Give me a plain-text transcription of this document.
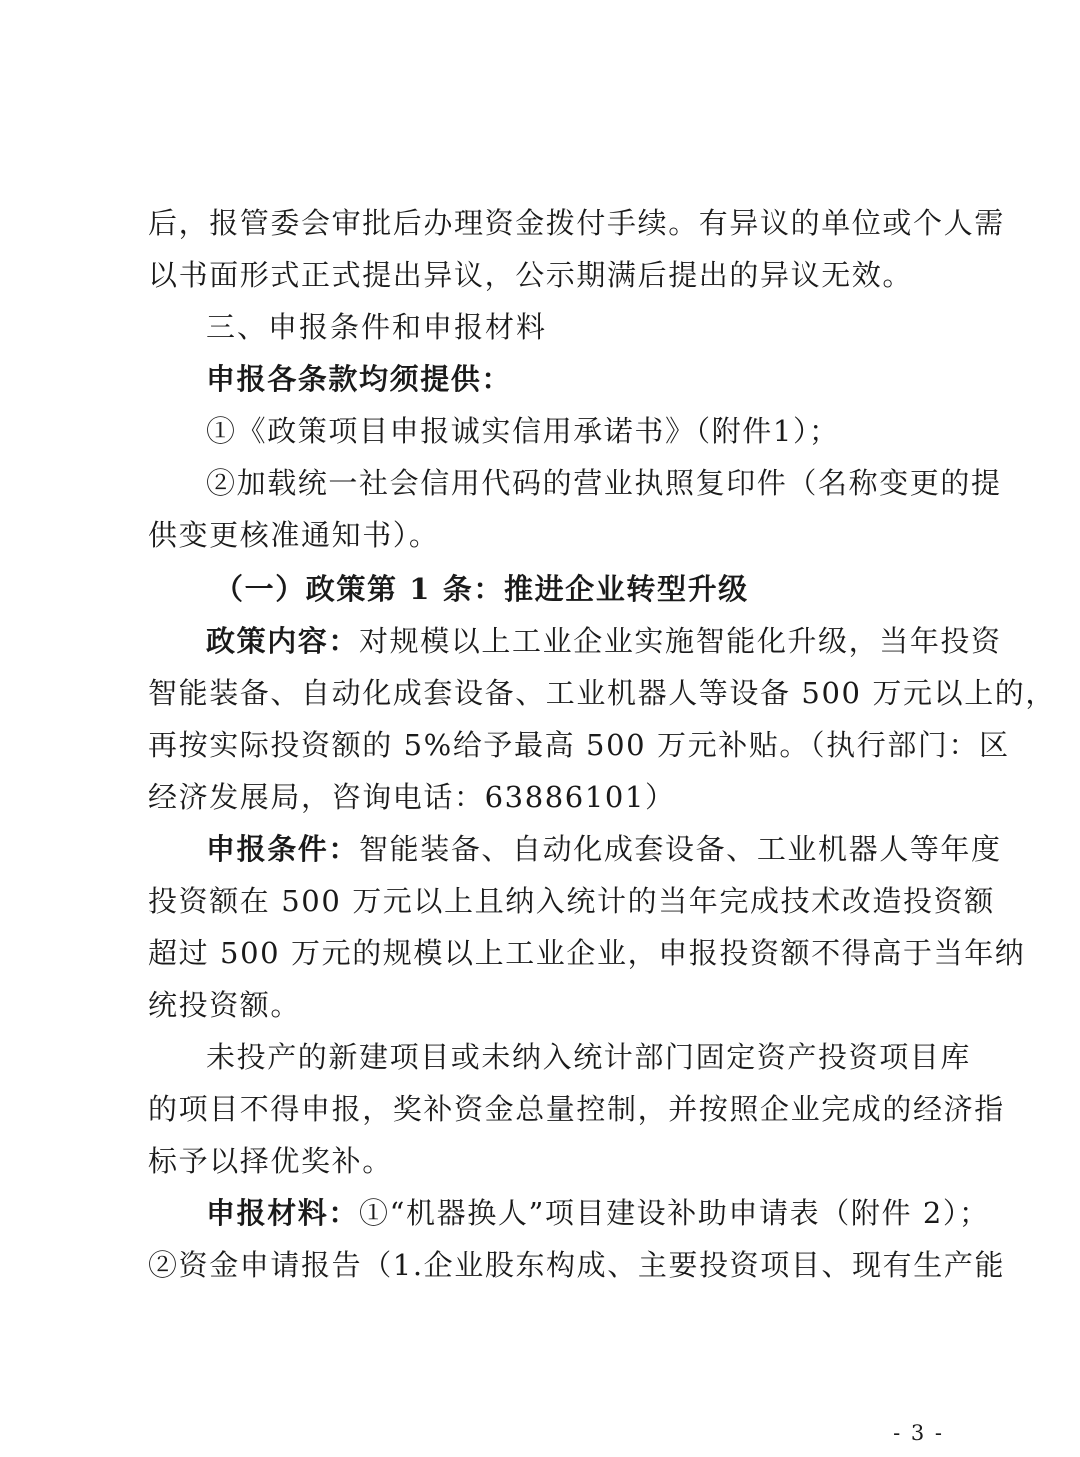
后，报管委会审批后办理资金拨付手续。有异议的单位或个人需
以书面形式正式提出异议，公示期满后提出的异议无效。
三、申报条件和申报材料
申报各条款均须提供：
①《政策项目申报诚实信用承诺书》（附件1）；
②加载统一社会信用代码的营业执照复印件（名称变更的提
供变更核准通知书）。
（一）政策第 1 条：推进企业转型升级
政策内容：对规模以上工业企业实施智能化升级，当年投资
智能装备、自动化成套设备、工业机器人等设备 500 万元以上的，
再按实际投资额的 5%给予最高 500 万元补贴。（执行部门：区
经济发展局，咨询电话：63886101）
申报条件：智能装备、自动化成套设备、工业机器人等年度
投资额在 500 万元以上且纳入统计的当年完成技术改造投资额
超过 500 万元的规模以上工业企业，申报投资额不得高于当年纳
统投资额。
未投产的新建项目或未纳入统计部门固定资产投资项目库
的项目不得申报，奖补资金总量控制，并按照企业完成的经济指
标予以择优奖补。
申报材料：①“机器换人”项目建设补助申请表（附件 2）；
②资金申请报告（1.企业股东构成、主要投资项目、现有生产能
- 3 -
